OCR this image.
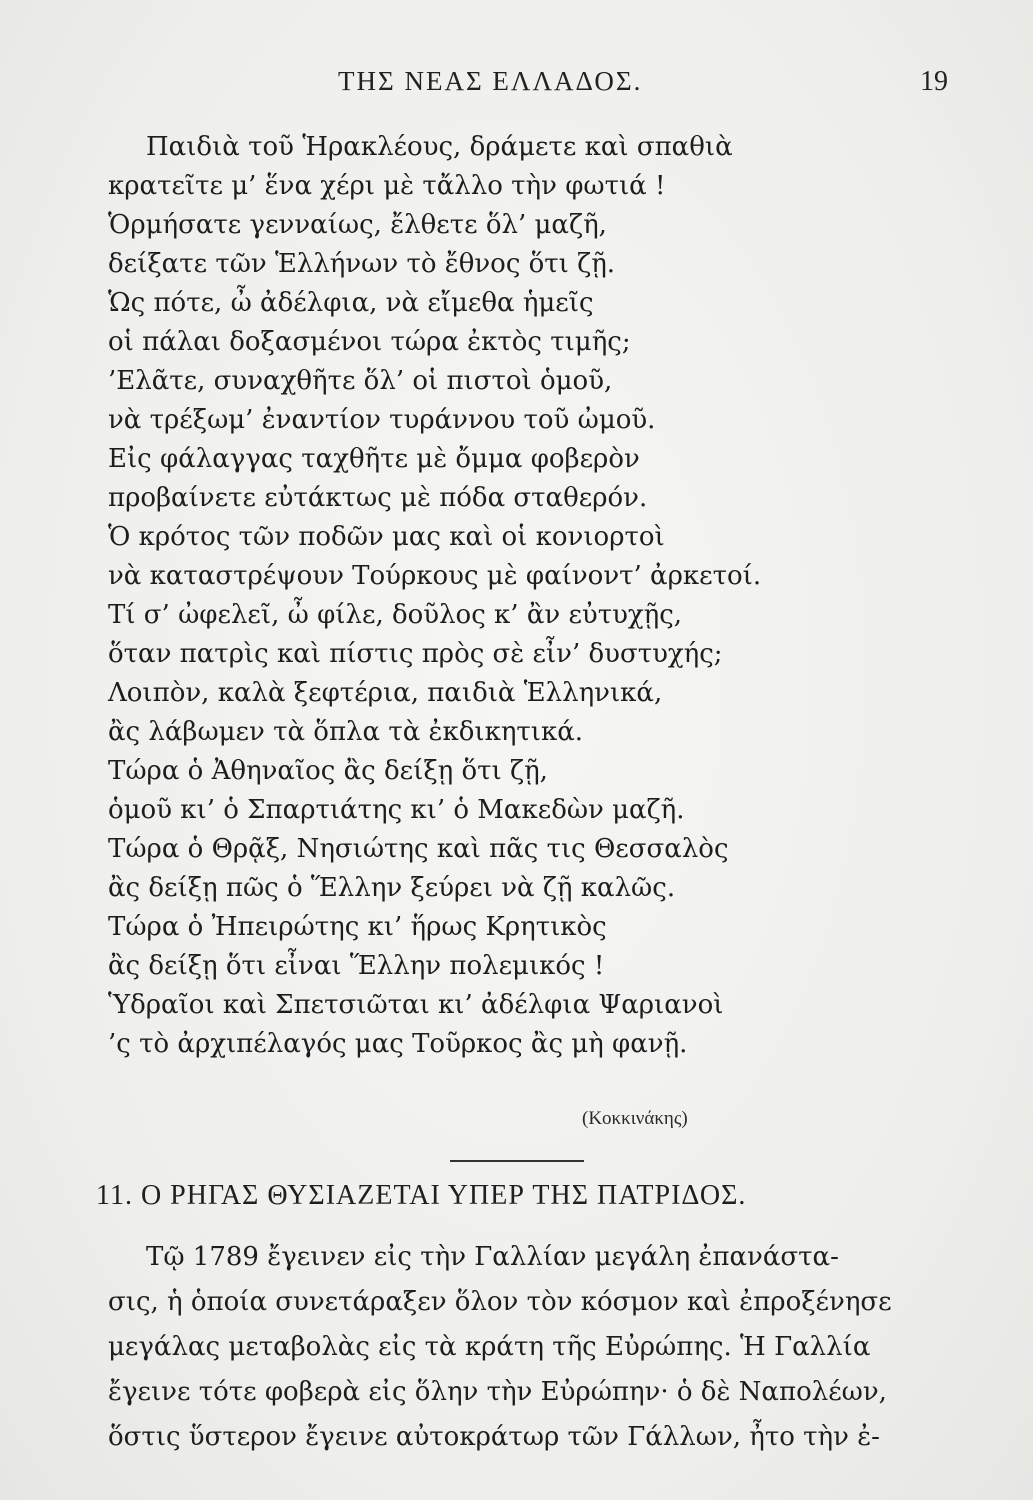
ΤΗΣ ΝΕΑΣ ΕΛΛΑΔΟΣ.	19
Παιδιὰ τοῦ Ἡρακλέους, δράμετε καὶ σπαθιὰ
κρατεῖτε μ’ ἕνα χέρι μὲ τἄλλο τὴν φωτιά !
Ὁρμήσατε γενναίως, ἔλθετε ὅλ’ μαζῆ,
δείξατε τῶν Ἑλλήνων τὸ ἔθνος ὅτι ζῇ.
Ὡς πότε, ὦ ἀδέλφια, νὰ εἴμεθα ἡμεῖς
οἱ πάλαι δοξασμένοι τώρα ἐκτὸς τιμῆς;
’Ελᾶτε, συναχθῆτε ὅλ’ οἱ πιστοὶ ὁμοῦ,
νὰ τρέξωμ’ ἐναντίον τυράννου τοῦ ὠμοῦ.
Εἰς φάλαγγας ταχθῆτε μὲ ὄμμα φοβερὸν
προβαίνετε εὐτάκτως μὲ πόδα σταθερόν.
Ὁ κρότος τῶν ποδῶν μας καὶ οἱ κονιορτοὶ
νὰ καταστρέψουν Τούρκους μὲ φαίνοντ’ ἀρκετοί.
Τί σ’ ὠφελεῖ, ὦ φίλε, δοῦλος κ’ ἂν εὐτυχῇς,
ὅταν πατρὶς καὶ πίστις πρὸς σὲ εἶν’ δυστυχής;
Λοιπὸν, καλὰ ξεφτέρια, παιδιὰ Ἑλληνικά,
ἂς λάβωμεν τὰ ὅπλα τὰ ἐκδικητικά.
Τώρα ὁ Ἀθηναῖος ἂς δείξῃ ὅτι ζῇ,
ὁμοῦ κι’ ὁ Σπαρτιάτης κι’ ὁ Μακεδὼν μαζῆ.
Τώρα ὁ Θρᾷξ, Νησιώτης καὶ πᾶς τις Θεσσαλὸς
ἂς δείξῃ πῶς ὁ Ἕλλην ξεύρει νὰ ζῇ καλῶς.
Τώρα ὁ Ἠπειρώτης κι’ ἥρως Κρητικὸς
ἂς δείξῃ ὅτι εἶναι Ἕλλην πολεμικός !
Ὑδραῖοι καὶ Σπετσιῶται κι’ ἀδέλφια Ψαριανοὶ
’ς τὸ ἀρχιπέλαγός μας Τοῦρκος ἂς μὴ φανῇ.
(Κοκκινάκης)
11. Ο ΡΗΓΑΣ ΘΥΣΙΑΖΕΤΑΙ ΥΠΕΡ ΤΗΣ ΠΑΤΡΙΔΟΣ.
Τῷ 1789 ἔγεινεν εἰς τὴν Γαλλίαν μεγάλη ἐπανάστα-
σις, ἡ ὁποία συνετάραξεν ὅλον τὸν κόσμον καὶ ἐπροξένησε
μεγάλας μεταβολὰς εἰς τὰ κράτη τῆς Εὐρώπης. Ἡ Γαλλία
ἔγεινε τότε φοβερὰ εἰς ὅλην τὴν Εὐρώπην· ὁ δὲ Ναπολέων,
ὅστις ὕστερον ἔγεινε αὐτοκράτωρ τῶν Γάλλων, ἦτο τὴν ἐ-
